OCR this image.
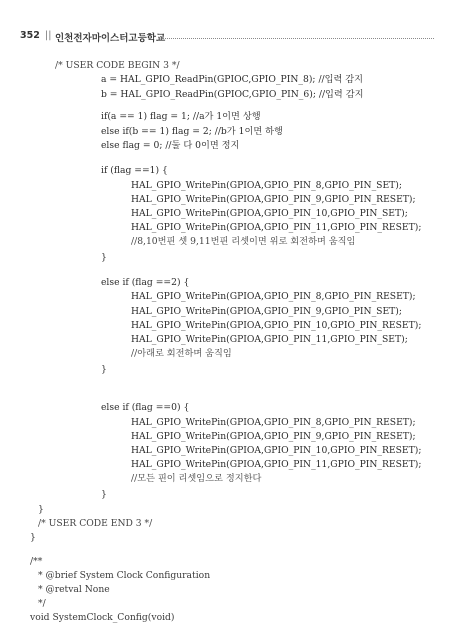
352 || 인천전자마이스터고등학교
/* USER CODE BEGIN 3 */
a = HAL_GPIO_ReadPin(GPIOC,GPIO_PIN_8); //입력 감지
b = HAL_GPIO_ReadPin(GPIOC,GPIO_PIN_6); //입력 감지
if(a == 1) flag = 1; //a가 1이면 상행
else if(b == 1) flag = 2; //b가 1이면 하행
else flag = 0; //둘 다 0이면 정지
if (flag ==1) {
HAL_GPIO_WritePin(GPIOA,GPIO_PIN_8,GPIO_PIN_SET);
HAL_GPIO_WritePin(GPIOA,GPIO_PIN_9,GPIO_PIN_RESET);
HAL_GPIO_WritePin(GPIOA,GPIO_PIN_10,GPIO_PIN_SET);
HAL_GPIO_WritePin(GPIOA,GPIO_PIN_11,GPIO_PIN_RESET);
//8,10번핀 셋 9,11번핀 리셋이면 위로 회전하며 움직임
}
else if (flag ==2) {
HAL_GPIO_WritePin(GPIOA,GPIO_PIN_8,GPIO_PIN_RESET);
HAL_GPIO_WritePin(GPIOA,GPIO_PIN_9,GPIO_PIN_SET);
HAL_GPIO_WritePin(GPIOA,GPIO_PIN_10,GPIO_PIN_RESET);
HAL_GPIO_WritePin(GPIOA,GPIO_PIN_11,GPIO_PIN_SET);
//아래로 회전하며 움직임
}
else if (flag ==0) {
HAL_GPIO_WritePin(GPIOA,GPIO_PIN_8,GPIO_PIN_RESET);
HAL_GPIO_WritePin(GPIOA,GPIO_PIN_9,GPIO_PIN_RESET);
HAL_GPIO_WritePin(GPIOA,GPIO_PIN_10,GPIO_PIN_RESET);
HAL_GPIO_WritePin(GPIOA,GPIO_PIN_11,GPIO_PIN_RESET);
//모든 핀이 리셋임으로 정지한다
}
}
/* USER CODE END 3 */
}
/**
* @brief System Clock Configuration
* @retval None
*/
void SystemClock_Config(void)
